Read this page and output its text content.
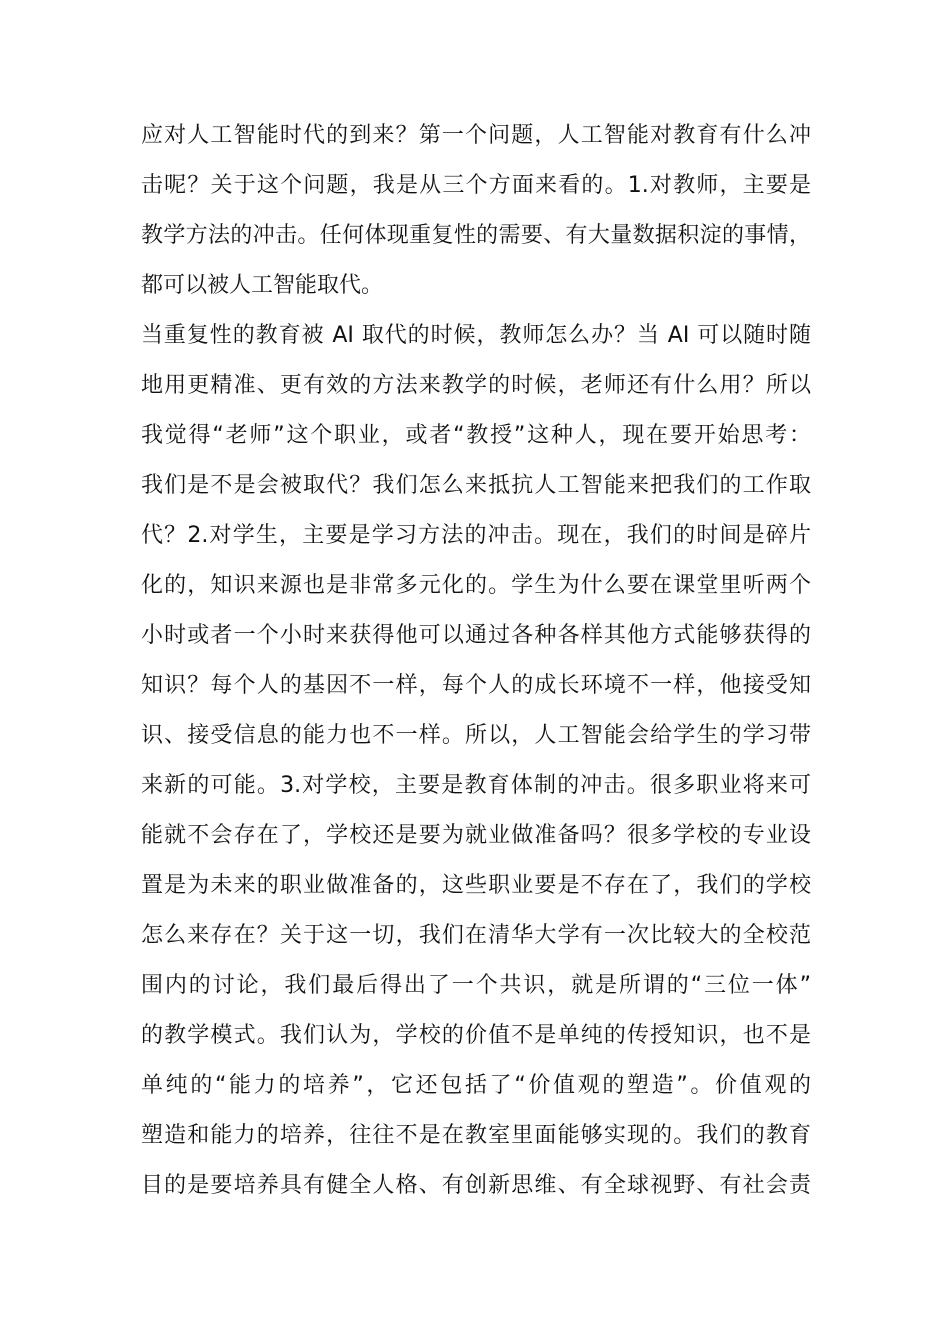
应对人工智能时代的到来？第一个问题，人工智能对教育有什么冲

击呢？关于这个问题，我是从三个方面来看的。1.对教师，主要是

教学方法的冲击。任何体现重复性的需要、有大量数据积淀的事情，

都可以被人工智能取代。

当重复性的教育被 AI 取代的时候，教师怎么办？当 AI 可以随时随

地用更精准、更有效的方法来教学的时候，老师还有什么用？所以

我觉得“老师”这个职业，或者“教授”这种人，现在要开始思考：

我们是不是会被取代？我们怎么来抵抗人工智能来把我们的工作取

代？2.对学生，主要是学习方法的冲击。现在，我们的时间是碎片

化的，知识来源也是非常多元化的。学生为什么要在课堂里听两个

小时或者一个小时来获得他可以通过各种各样其他方式能够获得的

知识？每个人的基因不一样，每个人的成长环境不一样，他接受知

识、接受信息的能力也不一样。所以，人工智能会给学生的学习带

来新的可能。3.对学校，主要是教育体制的冲击。很多职业将来可

能就不会存在了，学校还是要为就业做准备吗？很多学校的专业设

置是为未来的职业做准备的，这些职业要是不存在了，我们的学校

怎么来存在？关于这一切，我们在清华大学有一次比较大的全校范

围内的讨论，我们最后得出了一个共识，就是所谓的“三位一体”

的教学模式。我们认为，学校的价值不是单纯的传授知识，也不是

单纯的“能力的培养”，它还包括了“价值观的塑造”。价值观的

塑造和能力的培养，往往不是在教室里面能够实现的。我们的教育

目的是要培养具有健全人格、有创新思维、有全球视野、有社会责
